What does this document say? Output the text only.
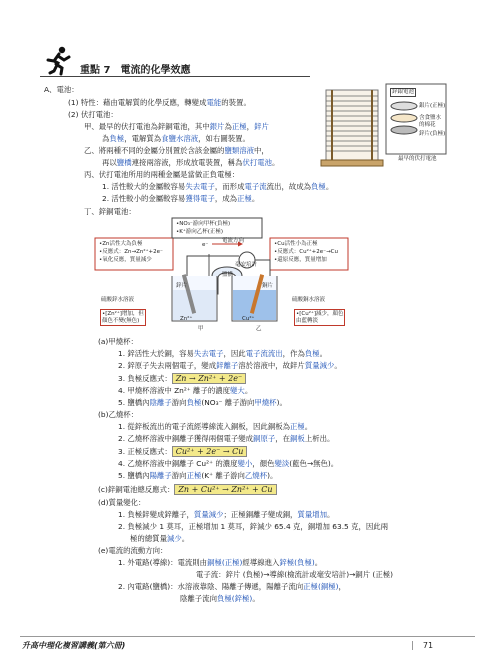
重點 7　電流的化學效應
A、電池：
(1) 特性：藉由電解質的化學反應，轉變成電能的裝置。
(2) 伏打電池：
甲、最早的伏打電池為鋅銅電池，其中銀片為正極，鋅片
為負極，電解質為食鹽水溶液，如右圖裝置。
乙、將兩種不同的金屬分別置於含該金屬的鹽類溶液中，
再以鹽橋連接兩溶液，形成放電裝置，稱為伏打電池。
丙、伏打電池所用的兩種金屬是當做正負電極：
1. 活性較大的金屬較容易失去電子，而形成電子流流出，故成為負極。
2. 活性較小的金屬較容易獲得電子，成為正極。
丁、鋅銅電池：
鋅銀電池
銀片(正極)
含食鹽水
的棉花
鋅片(負極)
最早的伏打電池
•Zn活性大為負極
•反應式：Zn→Zn²⁺+2e⁻
•氧化反應，質量減少
•NO₃⁻游向甲杯(負極)
•K⁺游向乙杯(正極)
•Cu活性小為正極
•反應式：Cu²⁺+2e⁻→Cu
•還原反應，質量增加
電流方向
e⁻
毫安培計
鹽橋
鋅片	銅片
硫酸鋅水溶液	硫酸銅水溶液
•[Zn²⁺]增加，但
顏色不變(無色)
•[Cu²⁺]減少，顏色
由藍轉淡
Zn²⁺	Cu²⁺
甲	乙
(a)甲燒杯：
1. 鋅活性大於銅，容易失去電子，因此電子流流出，作為負極。
2. 鋅原子失去兩個電子，變成鋅離子溶於溶液中，故鋅片質量減少。
3. 負極反應式： Zn → Zn²⁺ + 2e⁻
4. 甲燒杯溶液中 Zn²⁺ 離子的濃度變大。
5. 鹽橋內陰離子游向負極(NO₃⁻ 離子游向甲燒杯)。
(b)乙燒杯：
1. 從鋅板流出的電子流經導線流入銅板，因此銅板為正極。
2. 乙燒杯溶液中銅離子獲得兩個電子變成銅原子，在銅板上析出。
3. 正極反應式： Cu²⁺ + 2e⁻ → Cu
4. 乙燒杯溶液中銅離子 Cu²⁺ 的濃度變小，顏色變淡(藍色→無色)。
5. 鹽橋內陽離子游向正極(K⁺ 離子游向乙燒杯)。
(c)鋅銅電池總反應式： Zn + Cu²⁺ → Zn²⁺ + Cu
(d)質量變化：
1. 負極鋅變成鋅離子，質量減少；正極銅離子變成銅，質量增加。
2. 負極減少 1 莫耳，正極增加 1 莫耳，鋅減少 65.4 克，銅增加 63.5 克，因此兩
極的總質量減少。
(e)電流的流動方向：
1. 外電路(導線)：電流則由銅極(正極)經導線進入鋅極(負極)。
電子流：鋅片 (負極)→導線(檢流計或毫安培計)→銅片 (正極)
2. 內電路(鹽橋)：水溶液靠陰、陽離子傳遞，陽離子流向正極(銅極)，
陰離子流向負極(鋅極)。
升高中理化複習講義(第六冊)	71
